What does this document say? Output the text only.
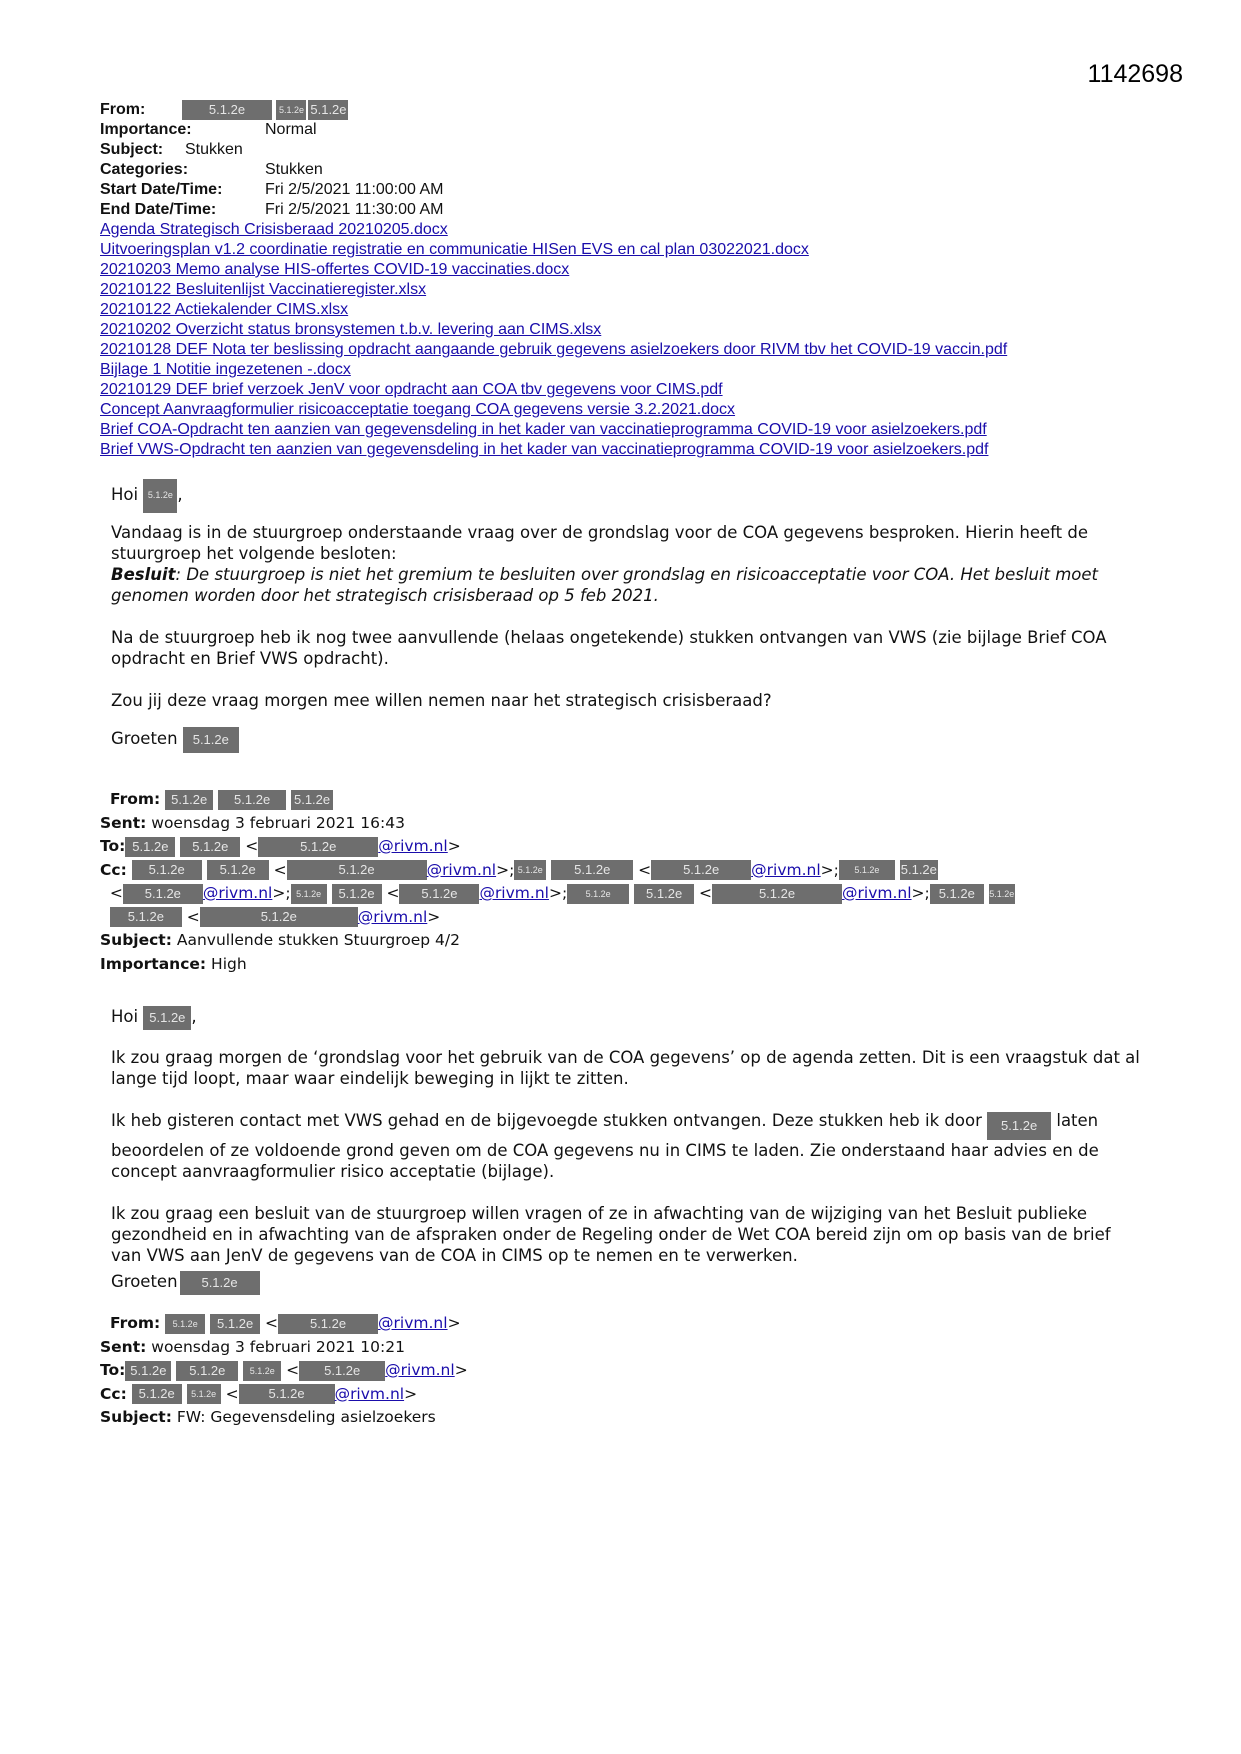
1142698
From:	5.1.2e	5.1.2e 5.1.2e
Importance:	Normal
Subject: Stukken
Categories:	Stukken
Start Date/Time:	Fri 2/5/2021 11:00:00 AM
End Date/Time:	Fri 2/5/2021 11:30:00 AM
Agenda Strategisch Crisisberaad 20210205.docx
Uitvoeringsplan v1.2 coordinatie registratie en communicatie HISen EVS en cal plan 03022021.docx
20210203 Memo analyse HIS-offertes COVID-19 vaccinaties.docx
20210122 Besluitenlijst Vaccinatieregister.xlsx
20210122 Actiekalender CIMS.xlsx
20210202 Overzicht status bronsystemen t.b.v. levering aan CIMS.xlsx
20210128 DEF Nota ter beslissing opdracht aangaande gebruik gegevens asielzoekers door RIVM tbv het COVID-19 vaccin.pdf
Bijlage 1 Notitie ingezetenen -.docx
20210129 DEF brief verzoek JenV voor opdracht aan COA tbv gegevens voor CIMS.pdf
Concept Aanvraagformulier risicoacceptatie toegang COA gegevens versie 3.2.2021.docx
Brief COA-Opdracht ten aanzien van gegevensdeling in het kader van vaccinatieprogramma COVID-19 voor asielzoekers.pdf
Brief VWS-Opdracht ten aanzien van gegevensdeling in het kader van vaccinatieprogramma COVID-19 voor asielzoekers.pdf
Hoi 5.1.2e ,

Vandaag is in de stuurgroep onderstaande vraag over de grondslag voor de COA gegevens besproken. Hierin heeft de stuurgroep het volgende besloten:

Besluit: De stuurgroep is niet het gremium te besluiten over grondslag en risicoacceptatie voor COA. Het besluit moet genomen worden door het strategisch crisisberaad op 5 feb 2021.

Na de stuurgroep heb ik nog twee aanvullende (helaas ongetekende) stukken ontvangen van VWS (zie bijlage Brief COA opdracht en Brief VWS opdracht).

Zou jij deze vraag morgen mee willen nemen naar het strategisch crisisberaad?

Groeten 5.1.2e
From: 5.1.2e 5.1.2e 5.1.2e
Sent: woensdag 3 februari 2021 16:43
To: 5.1.2e 5.1.2e <	5.1.2e	@rivm.nl>
Cc: 5.1.2e	5.1.2e <	5.1.2e	@rivm.nl>; 5.1.2e 5.1.2e < 5.1.2e @rivm.nl>; 5.1.2e 5.1.2e
< 5.1.2e @rivm.nl>; 5.1.2e 5.1.2e < 5.1.2e @rivm.nl>; 5.1.2e	5.1.2e <	5.1.2e	@rivm.nl>; 5.1.2e 5.1.2e
5.1.2e <	5.1.2e	@rivm.nl>
Subject: Aanvullende stukken Stuurgroep 4/2
Importance: High
Hoi 5.1.2e ,

Ik zou graag morgen de ‘grondslag voor het gebruik van de COA gegevens’ op de agenda zetten. Dit is een vraagstuk dat al lange tijd loopt, maar waar eindelijk beweging in lijkt te zitten.

Ik heb gisteren contact met VWS gehad en de bijgevoegde stukken ontvangen. Deze stukken heb ik door 5.1.2e laten beoordelen of ze voldoende grond geven om de COA gegevens nu in CIMS te laden. Zie onderstaand haar advies en de concept aanvraagformulier risico acceptatie (bijlage).

Ik zou graag een besluit van de stuurgroep willen vragen of ze in afwachting van de wijziging van het Besluit publieke gezondheid en in afwachting van de afspraken onder de Regeling onder de Wet COA bereid zijn om op basis van de brief van VWS aan JenV de gegevens van de COA in CIMS op te nemen en te verwerken.

Groeten 5.1.2e
From: 5.1.2e 5.1.2e < 5.1.2e @rivm.nl>
Sent: woensdag 3 februari 2021 10:21
To: 5.1.2e 5.1.2e	5.1.2e < 5.1.2e @rivm.nl>
Cc: 5.1.2e 5.1.2e < 5.1.2e @rivm.nl>
Subject: FW: Gegevensdeling asielzoekers
